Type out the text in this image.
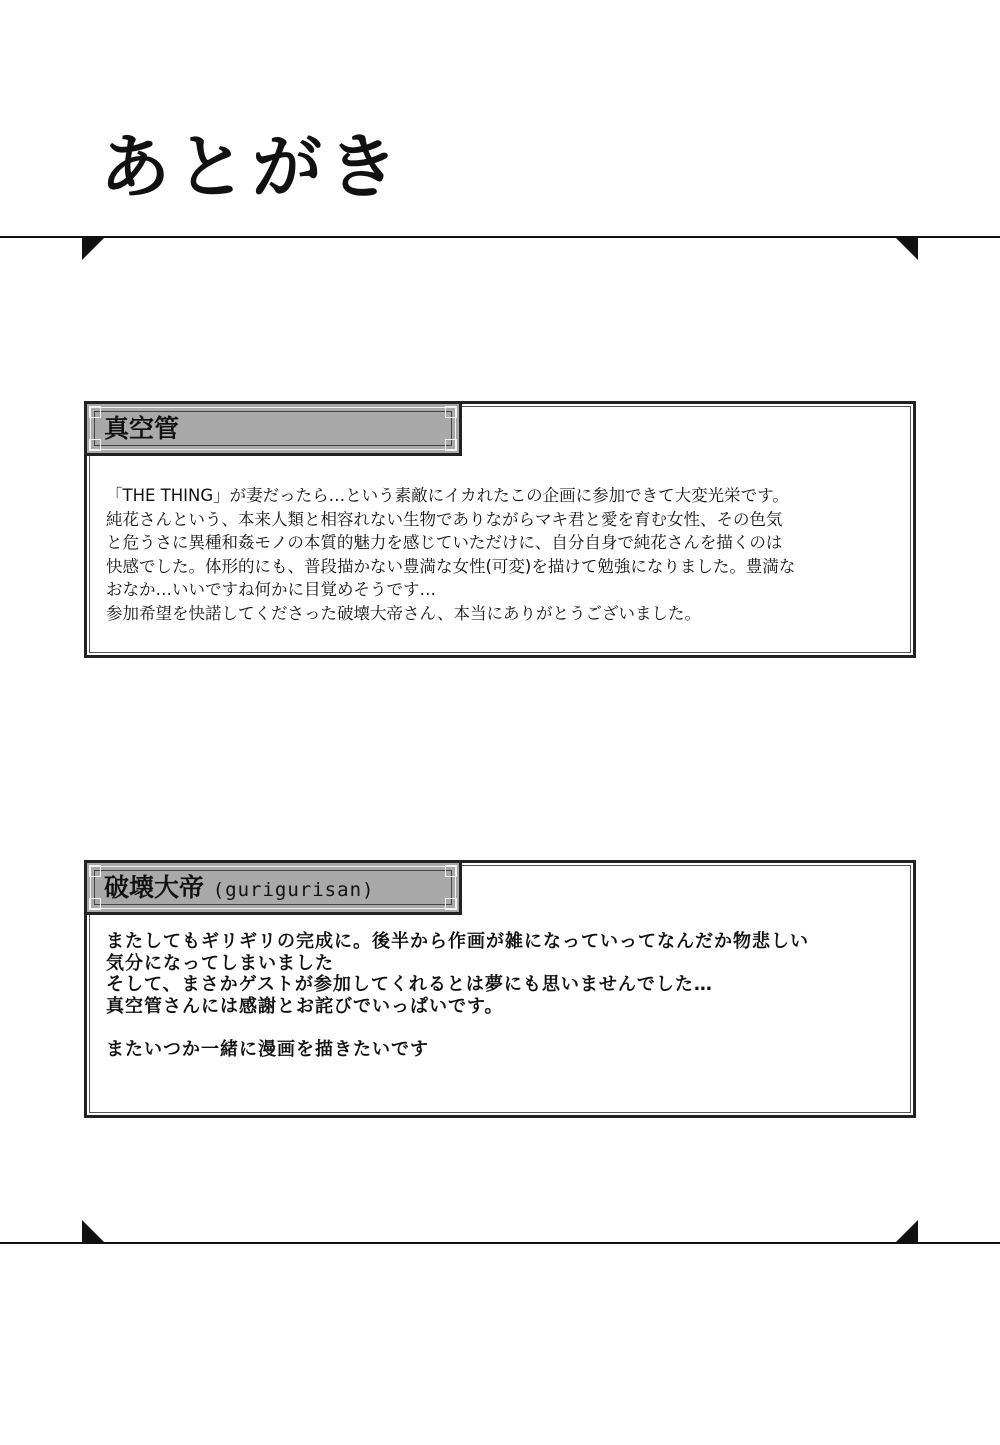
あとがき
真空管
「THE THING」が妻だったら…という素敵にイカれたこの企画に参加できて大変光栄です。
純花さんという、本来人類と相容れない生物でありながらマキ君と愛を育む女性、その色気
と危うさに異種和姦モノの本質的魅力を感じていただけに、自分自身で純花さんを描くのは
快感でした。体形的にも、普段描かない豊満な女性(可変)を描けて勉強になりました。豊満な
おなか…いいですね何かに目覚めそうです…
参加希望を快諾してくださった破壊大帝さん、本当にありがとうございました。
破壊大帝 (gurigurisan)
またしてもギリギリの完成に。後半から作画が雑になっていってなんだか物悲しい
気分になってしまいました
そして、まさかゲストが参加してくれるとは夢にも思いませんでした…
真空管さんには感謝とお詫びでいっぱいです。

またいつか一緒に漫画を描きたいです
